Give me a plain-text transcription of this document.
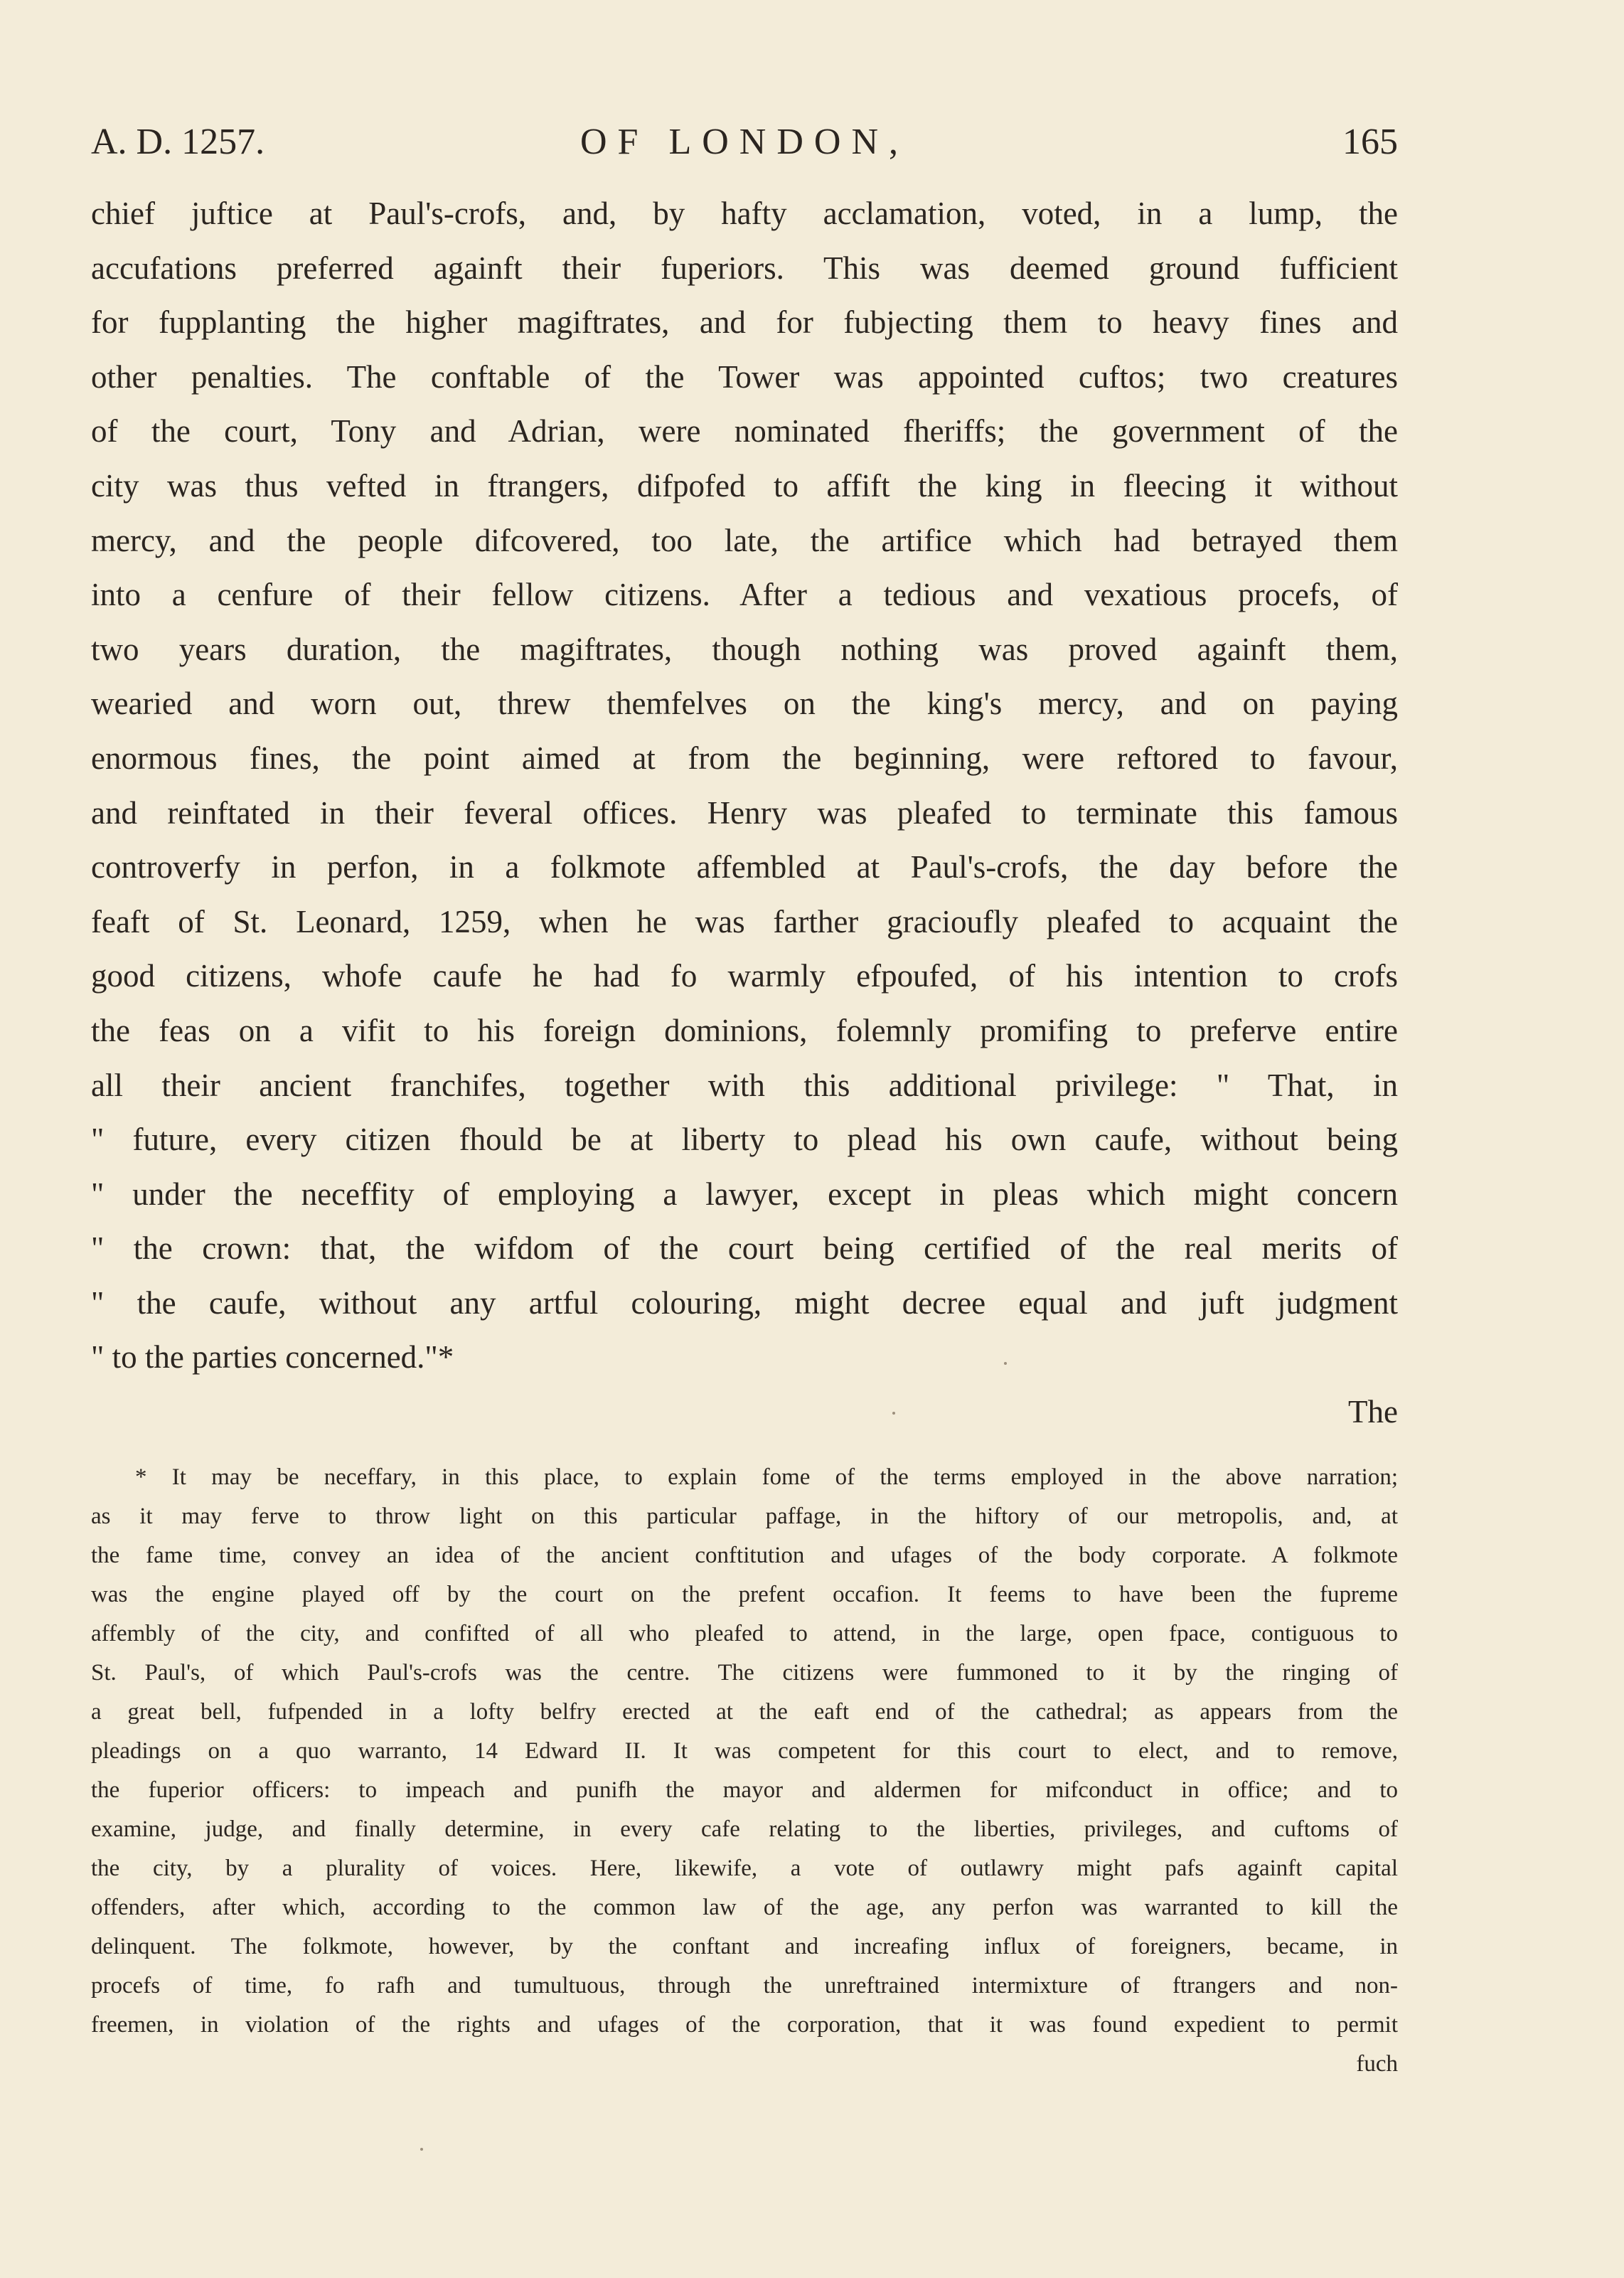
A. D. 1257.	OF LONDON,	165
chief juftice at Paul's-crofs, and, by hafty acclamation, voted, in a lump, the
accufations preferred againft their fuperiors. This was deemed ground fufficient
for fupplanting the higher magiftrates, and for fubjecting them to heavy fines and
other penalties. The conftable of the Tower was appointed cuftos; two creatures
of the court, Tony and Adrian, were nominated fheriffs; the government of the
city was thus vefted in ftrangers, difpofed to affift the king in fleecing it without
mercy, and the people difcovered, too late, the artifice which had betrayed them
into a cenfure of their fellow citizens. After a tedious and vexatious procefs, of
two years duration, the magiftrates, though nothing was proved againft them,
wearied and worn out, threw themfelves on the king's mercy, and on paying
enormous fines, the point aimed at from the beginning, were reftored to favour,
and reinftated in their feveral offices. Henry was pleafed to terminate this famous
controverfy in perfon, in a folkmote affembled at Paul's-crofs, the day before the
feaft of St. Leonard, 1259, when he was farther gracioufly pleafed to acquaint the
good citizens, whofe caufe he had fo warmly efpoufed, of his intention to crofs
the feas on a vifit to his foreign dominions, folemnly promifing to preferve entire
all their ancient franchifes, together with this additional privilege: " That, in
" future, every citizen fhould be at liberty to plead his own caufe, without being
" under the neceffity of employing a lawyer, except in pleas which might concern
" the crown: that, the wifdom of the court being certified of the real merits of
" the caufe, without any artful colouring, might decree equal and juft judgment
" to the parties concerned."*
The
* It may be neceffary, in this place, to explain fome of the terms employed in the above narration;
as it may ferve to throw light on this particular paffage, in the hiftory of our metropolis, and, at
the fame time, convey an idea of the ancient conftitution and ufages of the body corporate. A folkmote
was the engine played off by the court on the prefent occafion. It feems to have been the fupreme
affembly of the city, and confifted of all who pleafed to attend, in the large, open fpace, contiguous to
St. Paul's, of which Paul's-crofs was the centre. The citizens were fummoned to it by the ringing of
a great bell, fufpended in a lofty belfry erected at the eaft end of the cathedral; as appears from the
pleadings on a quo warranto, 14 Edward II. It was competent for this court to elect, and to remove,
the fuperior officers: to impeach and punifh the mayor and aldermen for mifconduct in office; and to
examine, judge, and finally determine, in every cafe relating to the liberties, privileges, and cuftoms of
the city, by a plurality of voices. Here, likewife, a vote of outlawry might pafs againft capital
offenders, after which, according to the common law of the age, any perfon was warranted to kill the
delinquent. The folkmote, however, by the conftant and increafing influx of foreigners, became, in
procefs of time, fo rafh and tumultuous, through the unreftrained intermixture of ftrangers and non-
freemen, in violation of the rights and ufages of the corporation, that it was found expedient to permit
fuch
